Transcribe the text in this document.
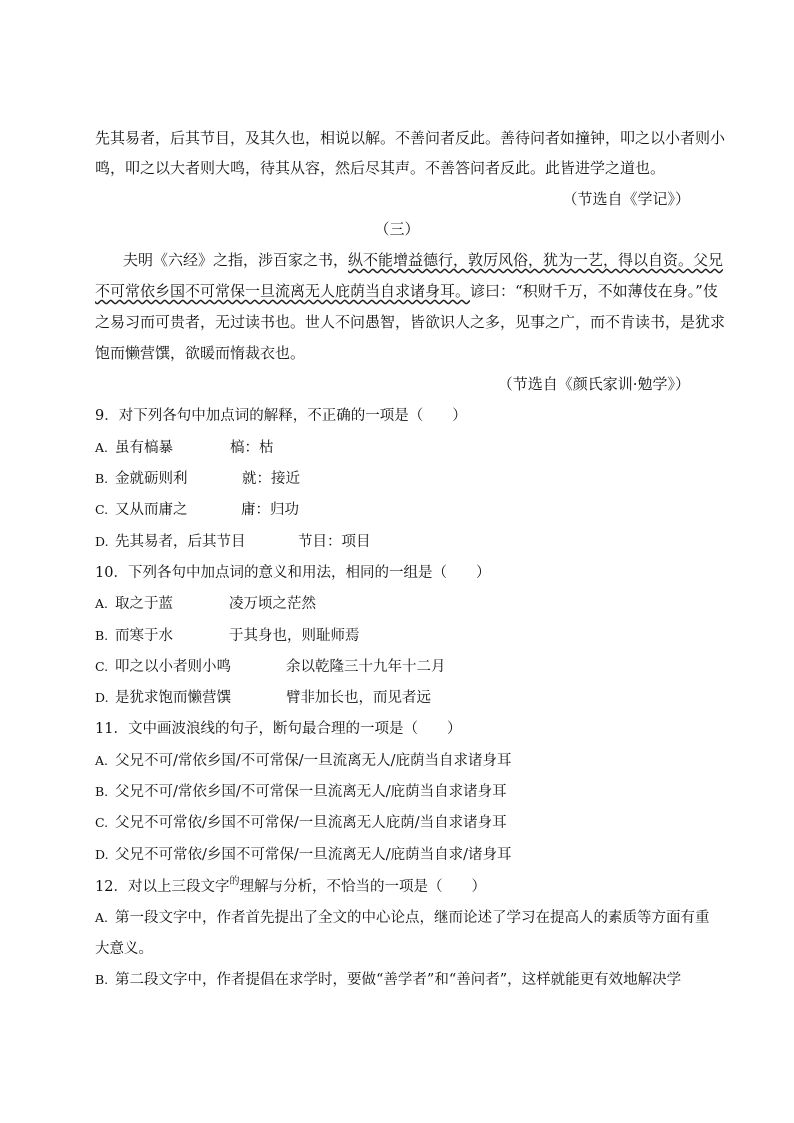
先其易者，后其节目，及其久也，相说以解。不善问者反此。善待问者如撞钟，叩之以小者则小
鸣，叩之以大者则大鸣，待其从容，然后尽其声。不善答问者反此。此皆进学之道也。
（节选自《学记》）
（三）
夫明《六经》之指，涉百家之书，纵不能增益德行，敦厉风俗，犹为一艺，得以自资。父兄
不可常依乡国不可常保一旦流离无人庇荫当自求诸身耳。谚曰：“积财千万，不如薄伎在身。”伎
之易习而可贵者，无过读书也。世人不问愚智，皆欲识人之多，见事之广，而不肯读书，是犹求
饱而懒营馔，欲暖而惰裁衣也。
（节选自《颜氏家训·勉学》）
9．对下列各句中加点词的解释，不正确的一项是（　　）
A. 虽有槁暴	槁：枯
B. 金就砺则利	就：接近
C. 又从而庸之	庸：归功
D. 先其易者，后其节目	节目：项目
10．下列各句中加点词的意义和用法，相同的一组是（　　）
A. 取之于蓝	凌万顷之茫然
B. 而寒于水	于其身也，则耻师焉
C. 叩之以小者则小鸣	余以乾隆三十九年十二月
D. 是犹求饱而懒营馔	臂非加长也，而见者远
11．文中画波浪线的句子，断句最合理的一项是（　　）
A. 父兄不可/常依乡国/不可常保/一旦流离无人/庇荫当自求诸身耳
B. 父兄不可/常依乡国/不可常保一旦流离无人/庇荫当自求诸身耳
C. 父兄不可常依/乡国不可常保/一旦流离无人庇荫/当自求诸身耳
D. 父兄不可常依/乡国不可常保/一旦流离无人/庇荫当自求/诸身耳
12．对以上三段文字$^的$理解与分析，不恰当的一项是（　　）
A. 第一段文字中，作者首先提出了全文的中心论点，继而论述了学习在提高人的素质等方面有重
大意义。
B. 第二段文字中，作者提倡在求学时，要做“善学者”和“善问者”，这样就能更有效地解决学
